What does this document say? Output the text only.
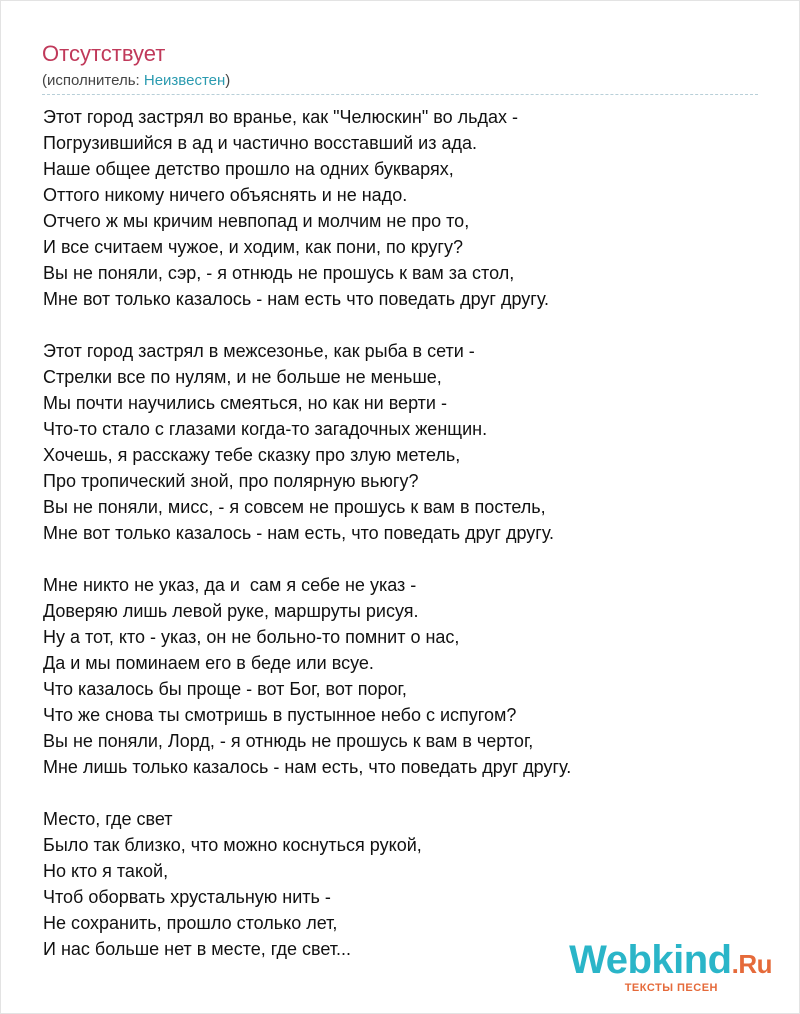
Отсутствует
(исполнитель: Неизвестен)
Этот город застрял во вранье, как "Челюскин" во льдах -
Погрузившийся в ад и частично восставший из ада.
Наше общее детство прошло на одних букварях,
Оттого никому ничего объяснять и не надо.
Отчего ж мы кричим невпопад и молчим не про то,
И все считаем чужое, и ходим, как пони, по кругу?
Вы не поняли, сэр, - я отнюдь не прошусь к вам за стол,
Мне вот только казалось - нам есть что поведать друг другу.
Этот город застрял в межсезонье, как рыба в сети -
Стрелки все по нулям, и не больше не меньше,
Мы почти научились смеяться, но как ни верти -
Что-то стало с глазами когда-то загадочных женщин.
Хочешь, я расскажу тебе сказку про злую метель,
Про тропический зной, про полярную вьюгу?
Вы не поняли, мисс, - я совсем не прошусь к вам в постель,
Мне вот только казалось - нам есть, что поведать друг другу.
Мне никто не указ, да и  сам я себе не указ -
Доверяю лишь левой руке, маршруты рисуя.
Ну а тот, кто - указ, он не больно-то помнит о нас,
Да и мы поминаем его в беде или всуе.
Что казалось бы проще - вот Бог, вот порог,
Что же снова ты смотришь в пустынное небо с испугом?
Вы не поняли, Лорд, - я отнюдь не прошусь к вам в чертог,
Мне лишь только казалось - нам есть, что поведать друг другу.
Место, где свет
Было так близко, что можно коснуться рукой,
Но кто я такой,
Чтоб оборвать хрустальную нить -
Не сохранить, прошло столько лет,
И нас больше нет в месте, где свет...	Webkind.Ru
ТЕКСТЫ ПЕСЕН
